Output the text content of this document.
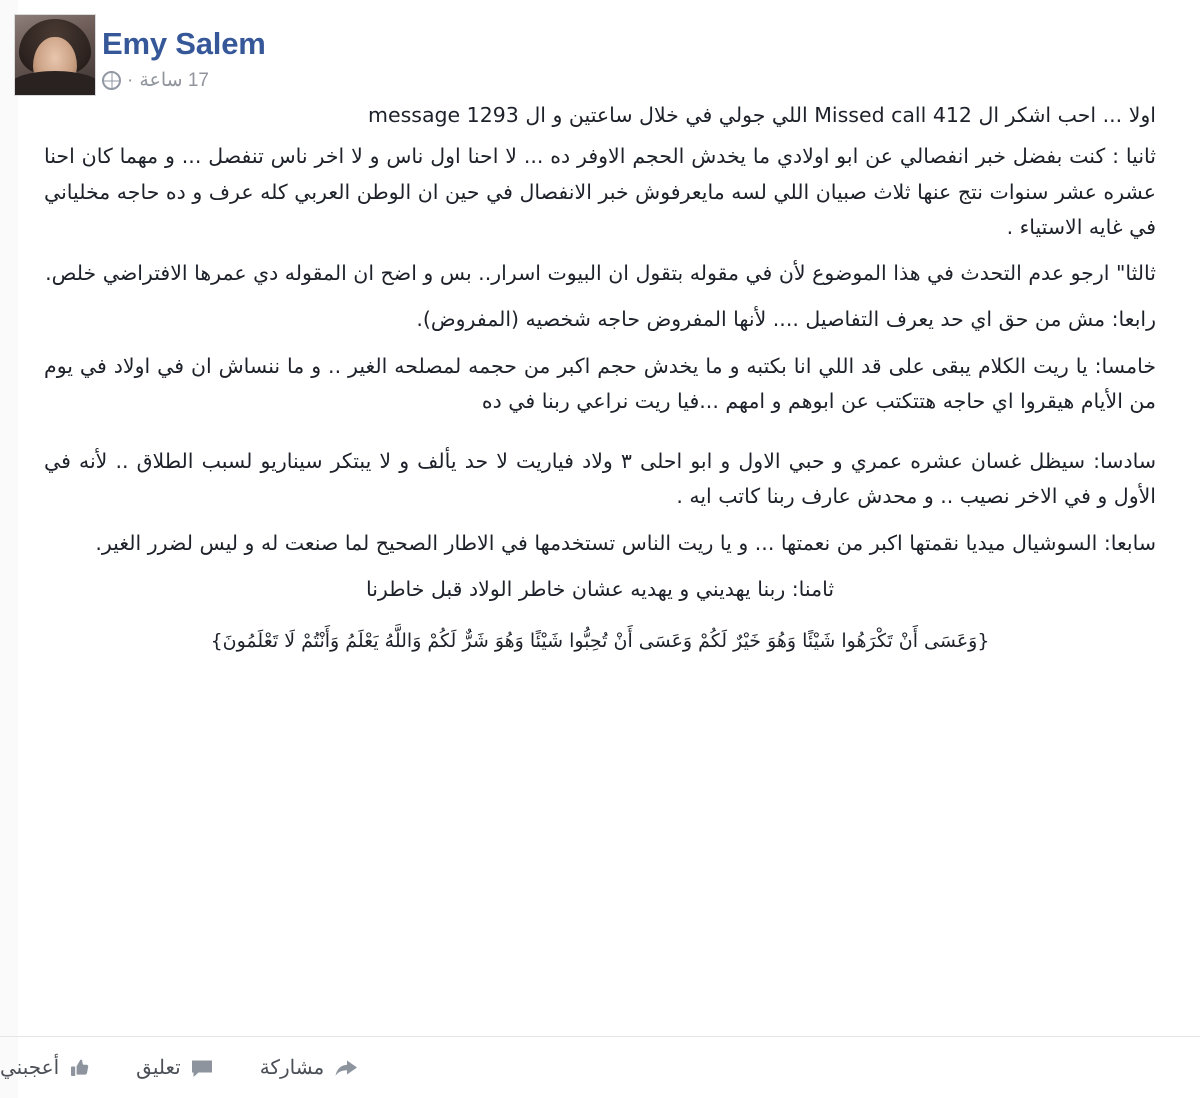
Emy Salem
17 ساعة
·

اولا ... احب اشكر ال Missed call 412 اللي جولي في خلال ساعتين و ال message 1293

ثانيا : كنت بفضل خبر انفصالي عن ابو اولادي ما يخدش الحجم الاوفر ده ... لا احنا اول ناس و لا اخر ناس تنفصل ... و مهما كان احنا عشره عشر سنوات نتج عنها ثلاث صبيان اللي لسه مايعرفوش خبر الانفصال في حين ان الوطن العربي كله عرف و ده حاجه مخلياني في غايه الاستياء .

ثالثا" ارجو عدم التحدث في هذا الموضوع لأن في مقوله بتقول ان البيوت اسرار.. بس و اضح ان المقوله دي عمرها الافتراضي خلص.

رابعا: مش من حق اي حد يعرف التفاصيل .... لأنها المفروض حاجه شخصيه (المفروض).

خامسا: يا ريت الكلام يبقى على قد اللي انا بكتبه و ما يخدش حجم اكبر من حجمه لمصلحه الغير .. و ما ننساش ان في اولاد في يوم من الأيام هيقروا اي حاجه هتتكتب عن ابوهم و امهم ...فيا ريت نراعي ربنا في ده

سادسا: سيظل غسان عشره عمري و حبي الاول و ابو احلى ٣ ولاد فياريت لا حد يألف و لا يبتكر سيناريو لسبب الطلاق .. لأنه في الأول و في الاخر نصيب .. و محدش عارف ربنا كاتب ايه .

سابعا: السوشيال ميديا نقمتها اكبر من نعمتها ... و يا ريت الناس تستخدمها في الاطار الصحيح لما صنعت له و ليس لضرر الغير.

ثامنا: ربنا يهديني و يهديه عشان خاطر الولاد قبل خاطرنا

{وَعَسَى أَنْ تَكْرَهُوا شَيْئًا وَهُوَ خَيْرٌ لَكُمْ وَعَسَى أَنْ تُحِبُّوا شَيْئًا وَهُوَ شَرٌّ لَكُمْ وَاللَّهُ يَعْلَمُ وَأَنْتُمْ لَا تَعْلَمُونَ}

أعجبني	تعليق	مشاركة
